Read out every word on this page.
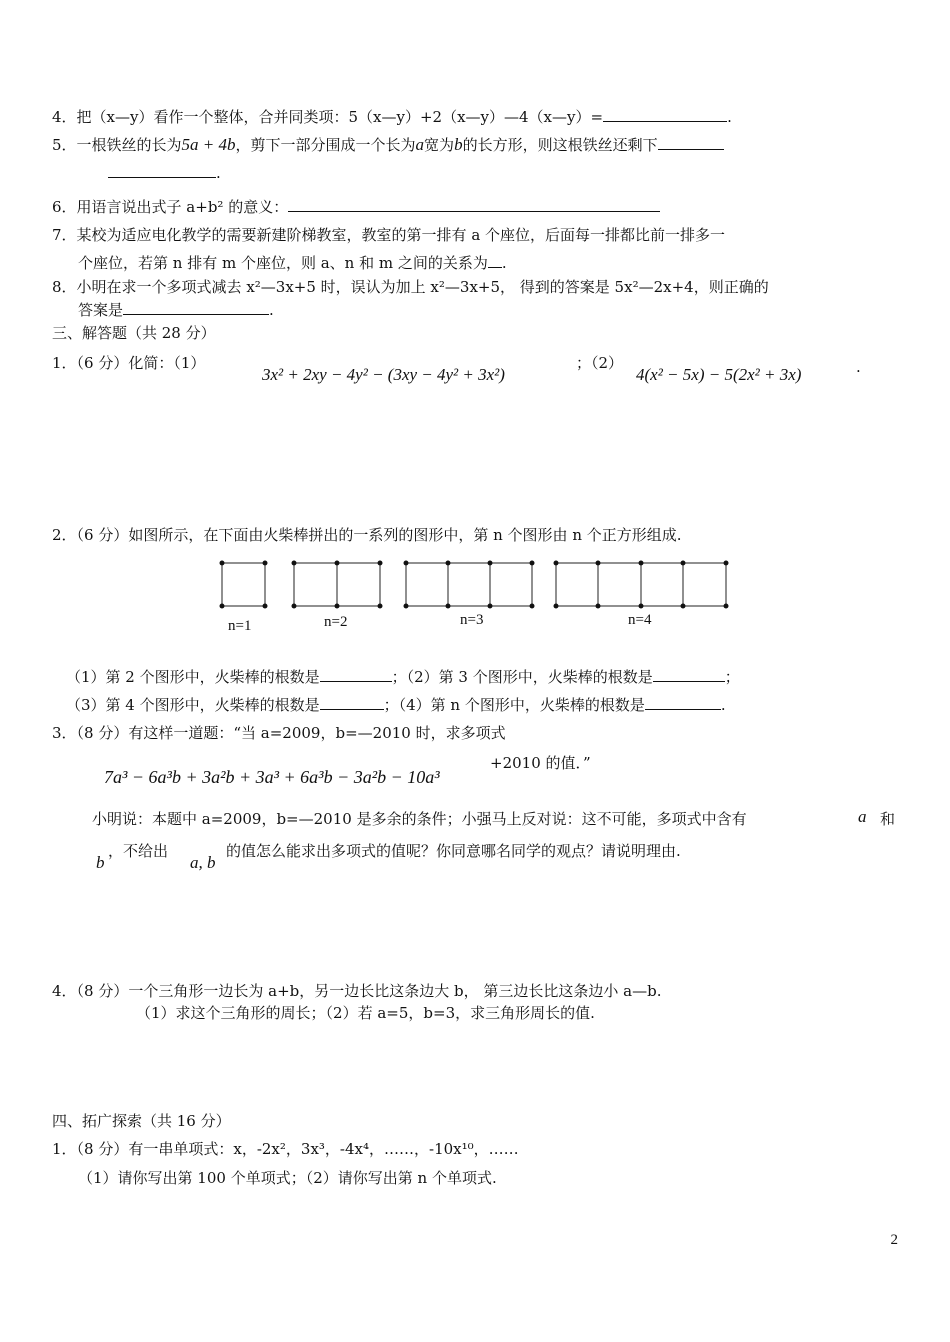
4．把（x—y）看作一个整体，合并同类项：5（x—y）+2（x—y）—4（x—y）=	.
5．一根铁丝的长为5a + 4b，剪下一部分围成一个长为a宽为b的长方形，则这根铁丝还剩下
.
6．用语言说出式子 a+b² 的意义：
7．某校为适应电化教学的需要新建阶梯教室，教室的第一排有 a 个座位，后面每一排都比前一排多一
个座位，若第 n 排有 m 个座位，则 a、n 和 m 之间的关系为 .
8．小明在求一个多项式减去 x²—3x+5 时，误认为加上 x²—3x+5， 得到的答案是 5x²—2x+4，则正确的
答案是	.
三、解答题（共 28 分）
1．（6 分）化简：（1）
3x² + 2xy − 4y² − (3xy − 4y² + 3x²)
；（2）
4(x² − 5x) − 5(2x² + 3x)	.
2．（6 分）如图所示，在下面由火柴棒拼出的一系列的图形中，第 n 个图形由 n 个正方形组成.
n=1	n=2	n=3	n=4
（1）第 2 个图形中，火柴棒的根数是	；（2）第 3 个图形中，火柴棒的根数是	；
（3）第 4 个图形中，火柴棒的根数是	；（4）第 n 个图形中，火柴棒的根数是	.
3．（8 分）有这样一道题：“当 a=2009，b=—2010 时，求多项式
7a³ − 6a³b + 3a²b + 3a³ + 6a³b − 3a²b − 10a³
+2010 的值．”
小明说：本题中 a=2009，b=—2010 是多余的条件；小强马上反对说：这不可能，多项式中含有	a 和
b
，不给出
a, b
的值怎么能求出多项式的值呢？你同意哪名同学的观点？请说明理由.
4．（8 分）一个三角形一边长为 a+b，另一边长比这条边大 b， 第三边长比这条边小 a—b.
（1）求这个三角形的周长；（2）若 a=5，b=3，求三角形周长的值.
四、拓广探索（共 16 分）
1．（8 分）有一串单项式：x，-2x²，3x³，-4x⁴，……，-10x¹⁰，……
（1）请你写出第 100 个单项式；（2）请你写出第 n 个单项式.
2
